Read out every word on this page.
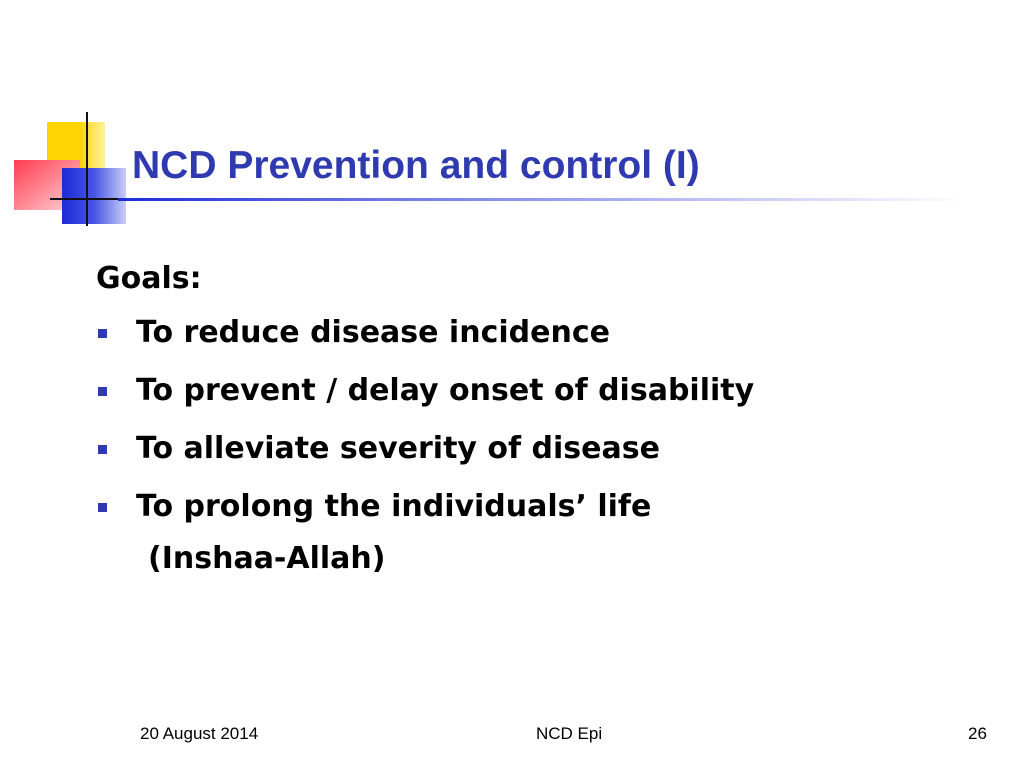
NCD Prevention and control (I)
Goals:
To reduce disease incidence
To prevent / delay onset of disability
To alleviate severity of disease
To prolong the individuals’ life
(Inshaa-Allah)
20 August 2014	NCD Epi	26
